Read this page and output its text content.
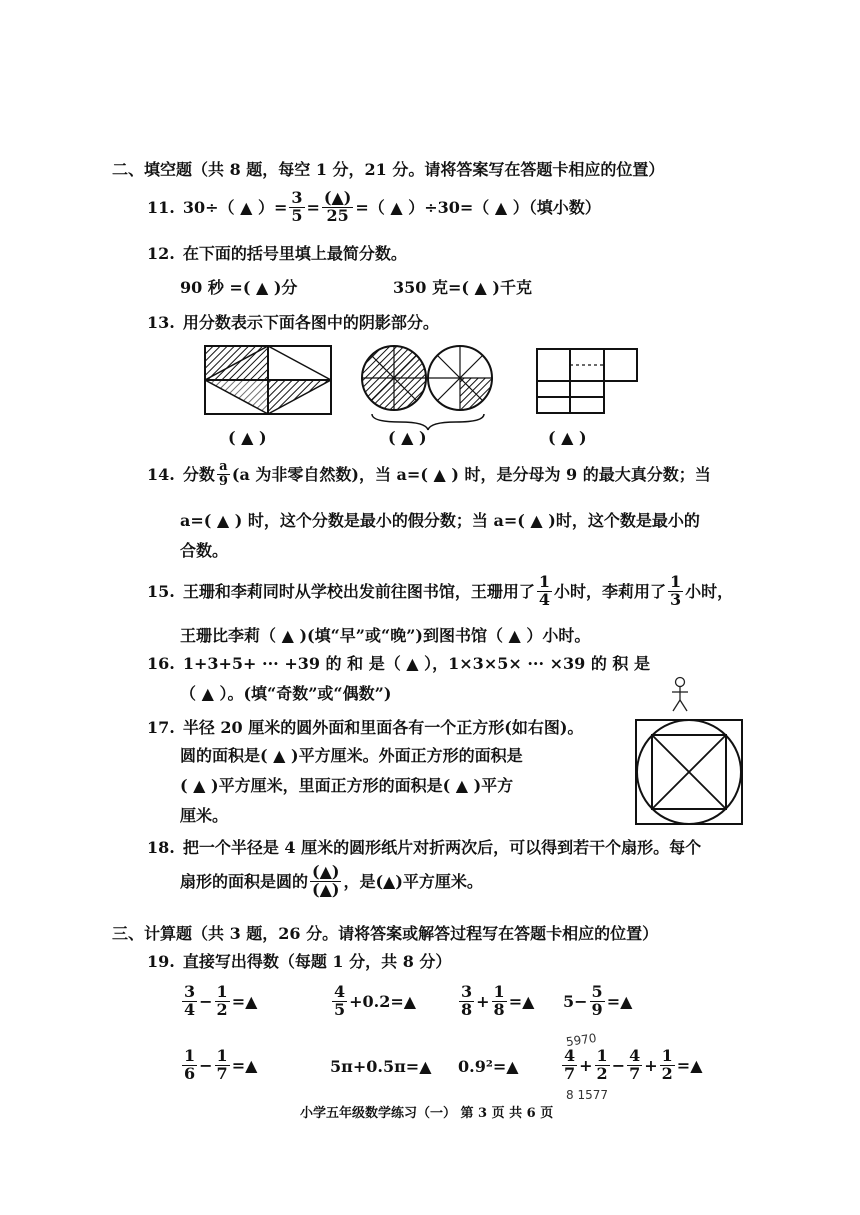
二、填空题（共 8 题，每空 1 分，21 分。请将答案写在答题卡相应的位置）
11. 30÷（ ▲ ）= $\frac{3}{5} = \frac{(▲)}{25}$ =（ ▲ ）÷30=（ ▲ ）（填小数）
12. 在下面的括号里填上最简分数。
90 秒 =( ▲ )分	350 克=( ▲ )千克
13. 用分数表示下面各图中的阴影部分。
( ▲ )	( ▲ )	( ▲ )
14. 分数 $\frac{a}{9} (a$ 为非零自然数)，当 a=( ▲ ) 时，是分母为 9 的最大真分数；当
a=( ▲ ) 时，这个分数是最小的假分数；当 a=( ▲ )时，这个数是最小的
合数。
15. 王珊和李莉同时从学校出发前往图书馆，王珊用了 $\frac{1}{4}$ 小时，李莉用了 $\frac{1}{3}$ 小时，
王珊比李莉（ ▲ )(填“早”或“晚”)到图书馆（ ▲ ）小时。
16. 1+3+5+ ··· +39 的 和 是（ ▲ ），1×3×5× ··· ×39 的 积 是
（ ▲ ）。(填“奇数”或“偶数”)
17. 半径 20 厘米的圆外面和里面各有一个正方形(如右图)。
圆的面积是( ▲ )平方厘米。外面正方形的面积是
( ▲ )平方厘米，里面正方形的面积是( ▲ )平方
厘米。
18. 把一个半径是 4 厘米的圆形纸片对折两次后，可以得到若干个扇形。每个
扇形的面积是圆的 $\frac{(▲)}{(▲)}$ ，是(▲)平方厘米。
三、计算题（共 3 题，26 分。请将答案或解答过程写在答题卡相应的位置）
19. 直接写出得数（每题 1 分，共 8 分）
$\frac{3}{4} - \frac{1}{2}$ =▲	$\frac{4}{5}$ +0.2=▲	$\frac{3}{8} + \frac{1}{8}$ =▲ $5- \frac{5}{9}$ =▲
$\frac{1}{6} - \frac{1}{7}$ =▲	5π+0.5π=▲ 0.9²=▲	$\frac{4}{7} + \frac{1}{2} - \frac{4}{7} + \frac{1}{2}$ =▲
5970
8 1577
小学五年级数学练习（一） 第 3 页 共 6 页
